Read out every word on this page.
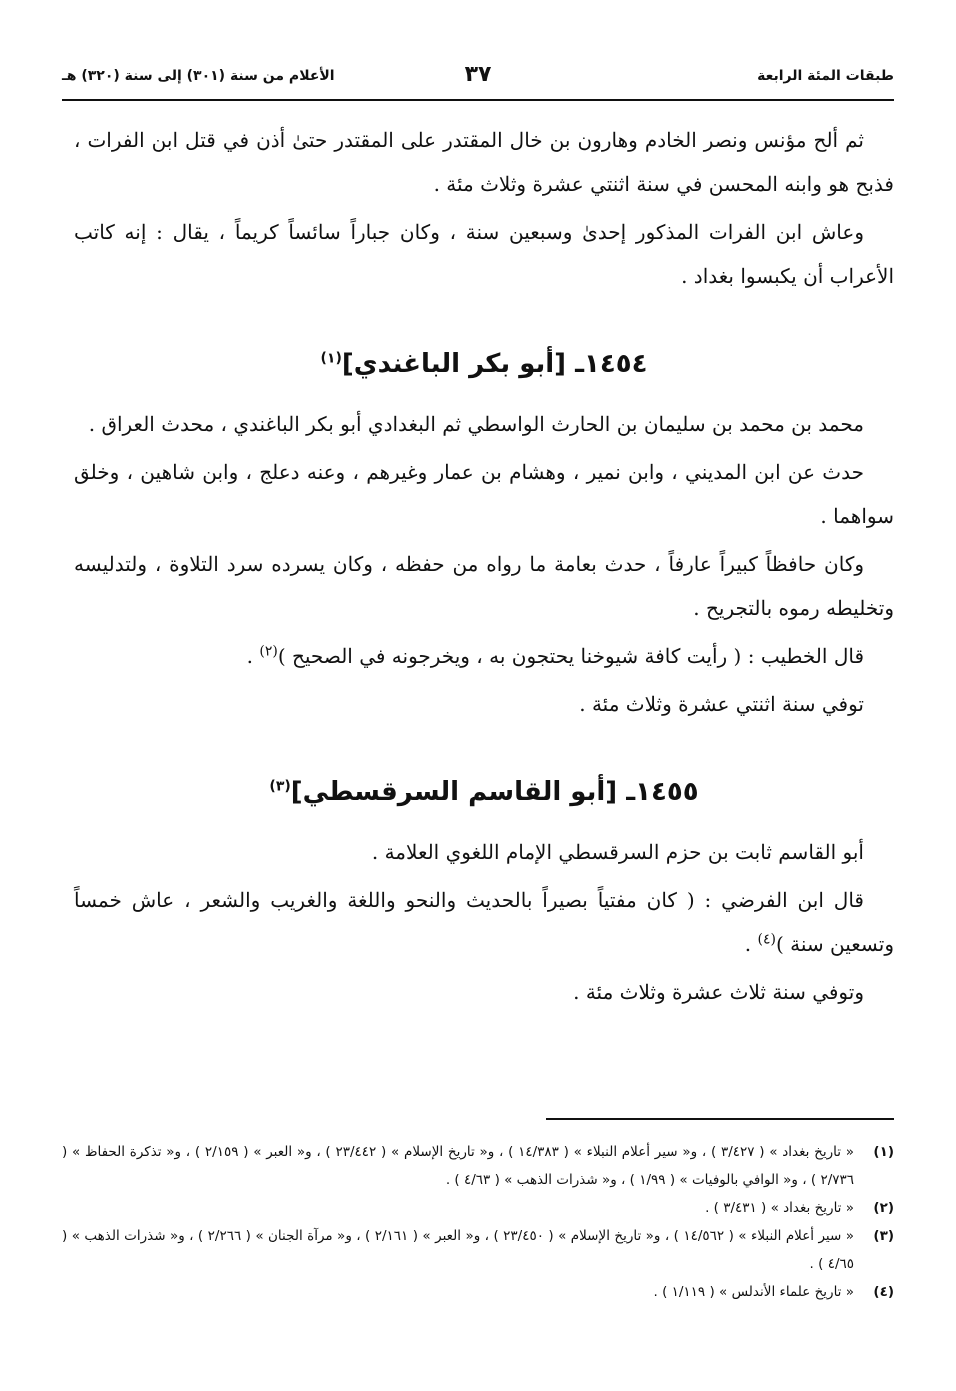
طبقات المئة الرابعة
٣٧
الأعلام من سنة (٣٠١) إلى سنة (٣٢٠) هـ

ثم ألح مؤنس ونصر الخادم وهارون بن خال المقتدر على المقتدر حتىٰ أذن في قتل ابن الفرات ، فذبح هو وابنه المحسن في سنة اثنتي عشرة وثلاث مئة .

وعاش ابن الفرات المذكور إحدىٰ وسبعين سنة ، وكان جباراً سائساً كريماً ، يقال : إنه كاتب الأعراب أن يكبسوا بغداد .

١٤٥٤ـ [أبو بكر الباغندي]$^{(١)}$

محمد بن محمد بن سليمان بن الحارث الواسطي ثم البغدادي أبو بكر الباغندي ، محدث العراق .

حدث عن ابن المديني ، وابن نمير ، وهشام بن عمار وغيرهم ، وعنه دعلج ، وابن شاهين ، وخلق سواهما .

وكان حافظاً كبيراً عارفاً ، حدث بعامة ما رواه من حفظه ، وكان يسرده سرد التلاوة ، ولتدليسه وتخليطه رموه بالتجريح .

قال الخطيب : ( رأيت كافة شيوخنا يحتجون به ، ويخرجونه في الصحيح )$^{(٢)}$ .

توفي سنة اثنتي عشرة وثلاث مئة .

١٤٥٥ـ [أبو القاسم السرقسطي]$^{(٣)}$

أبو القاسم ثابت بن حزم السرقسطي الإمام اللغوي العلامة .

قال ابن الفرضي : ( كان مفتياً بصيراً بالحديث والنحو واللغة والغريب والشعر ، عاش خمساً وتسعين سنة )$^{(٤)}$ .

وتوفي سنة ثلاث عشرة وثلاث مئة .

(١)
« تاريخ بغداد » ( ٣/٤٢٧ ) ، و« سير أعلام النبلاء » ( ١٤/٣٨٣ ) ، و« تاريخ الإسلام » ( ٢٣/٤٤٢ ) ، و« العبر » ( ٢/١٥٩ ) ، و« تذكرة الحفاظ » ( ٢/٧٣٦ ) ، و« الوافي بالوفيات » ( ١/٩٩ ) ، و« شذرات الذهب » ( ٤/٦٣ ) .
(٢)
« تاريخ بغداد » ( ٣/٤٣١ ) .
(٣)
« سير أعلام النبلاء » ( ١٤/٥٦٢ ) ، و« تاريخ الإسلام » ( ٢٣/٤٥٠ ) ، و« العبر » ( ٢/١٦١ ) ، و« مرآة الجنان » ( ٢/٢٦٦ ) ، و« شذرات الذهب » ( ٤/٦٥ ) .
(٤)
« تاريخ علماء الأندلس » ( ١/١١٩ ) .
